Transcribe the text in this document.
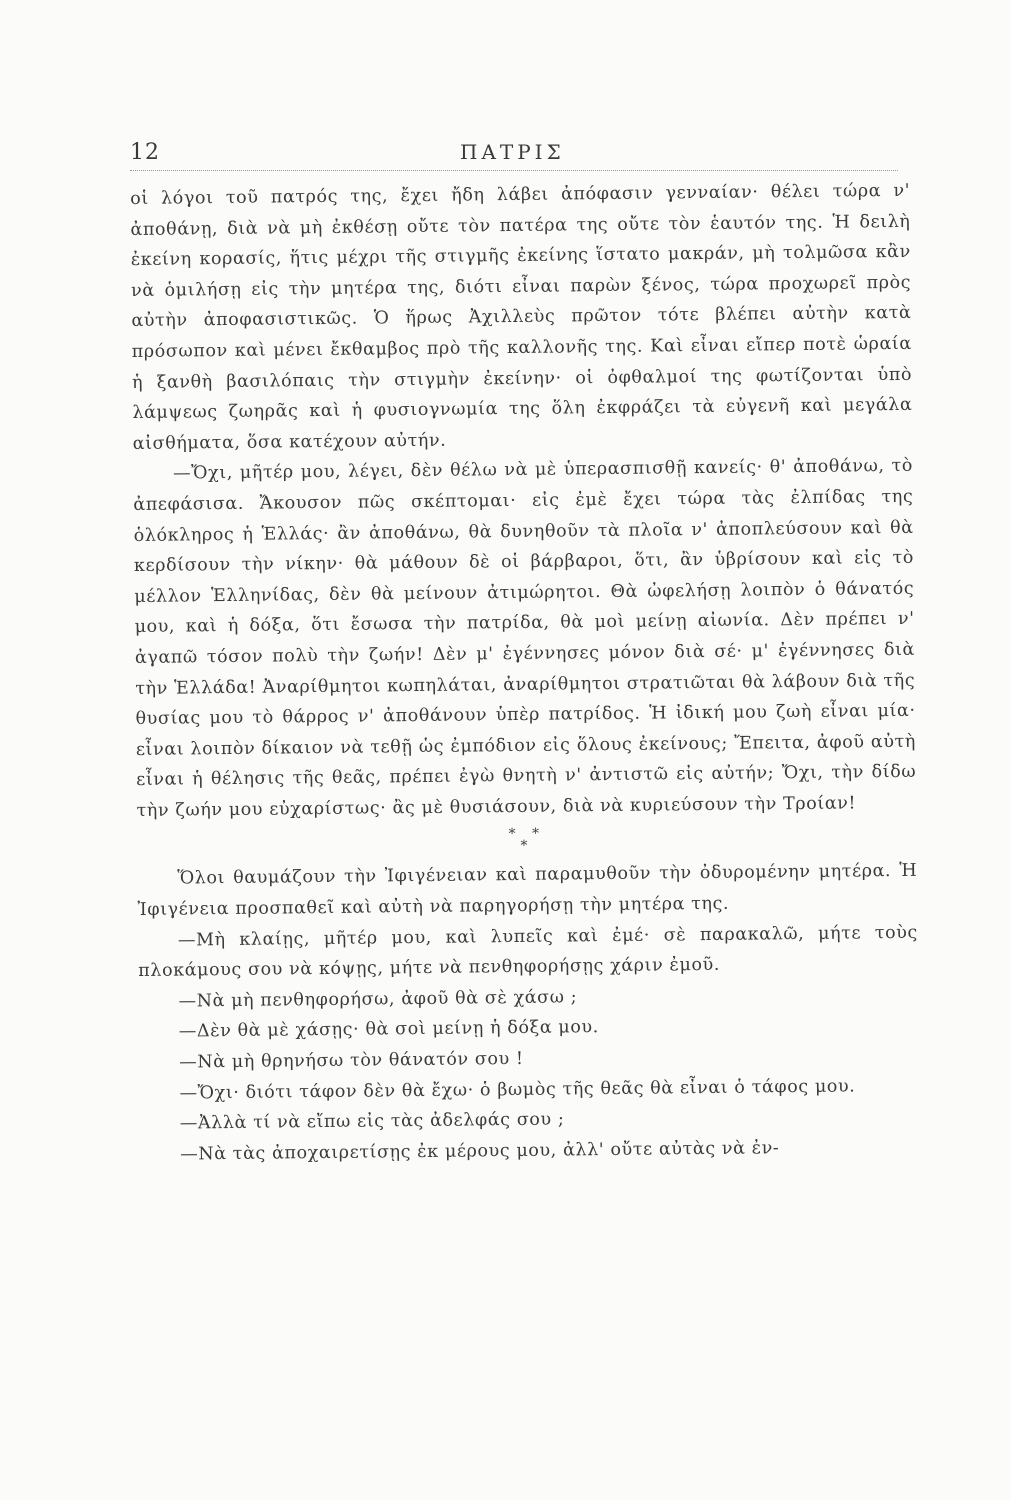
12	ΠΑΤΡΙΣ

οἱ λόγοι τοῦ πατρός της, ἔχει ἤδη λάβει ἀπόφασιν γενναίαν· θέλει τώρα ν' ἀποθάνῃ, διὰ νὰ μὴ ἐκθέσῃ οὔτε τὸν πατέρα της οὔτε τὸν ἑαυτόν της. Ἡ δειλὴ ἐκείνη κορασίς, ἥτις μέχρι τῆς στιγμῆς ἐκείνης ἵστατο μακράν, μὴ τολμῶσα κἂν νὰ ὁμιλήσῃ εἰς τὴν μητέρα της, διότι εἶναι παρὼν ξένος, τώρα προχωρεῖ πρὸς αὐτὴν ἀποφασιστικῶς. Ὁ ἥρως Ἀχιλλεὺς πρῶτον τότε βλέπει αὐτὴν κατὰ πρόσωπον καὶ μένει ἔκθαμβος πρὸ τῆς καλλονῆς της. Καὶ εἶναι εἴπερ ποτὲ ὡραία ἡ ξανθὴ βασιλόπαις τὴν στιγμὴν ἐκείνην· οἱ ὀφθαλμοί της φωτίζονται ὑπὸ λάμψεως ζωηρᾶς καὶ ἡ φυσιογνωμία της ὅλη ἐκφράζει τὰ εὐγενῆ καὶ μεγάλα αἰσθήματα, ὅσα κατέχουν αὐτήν.

—Ὄχι, μῆτέρ μου, λέγει, δὲν θέλω νὰ μὲ ὑπερασπισθῇ κανείς· θ' ἀποθάνω, τὸ ἀπεφάσισα. Ἄκουσον πῶς σκέπτομαι· εἰς ἐμὲ ἔχει τώρα τὰς ἐλπίδας της ὁλόκληρος ἡ Ἑλλάς· ἂν ἀποθάνω, θὰ δυνηθοῦν τὰ πλοῖα ν' ἀποπλεύσουν καὶ θὰ κερδίσουν τὴν νίκην· θὰ μάθουν δὲ οἱ βάρβαροι, ὅτι, ἂν ὑβρίσουν καὶ εἰς τὸ μέλλον Ἑλληνίδας, δὲν θὰ μείνουν ἀτιμώρητοι. Θὰ ὠφελήσῃ λοιπὸν ὁ θάνατός μου, καὶ ἡ δόξα, ὅτι ἔσωσα τὴν πατρίδα, θὰ μοὶ μείνῃ αἰωνία. Δὲν πρέπει ν' ἀγαπῶ τόσον πολὺ τὴν ζωήν! Δὲν μ' ἐγέννησες μόνον διὰ σέ· μ' ἐγέννησες διὰ τὴν Ἑλλάδα! Ἀναρίθμητοι κωπηλάται, ἀναρίθμητοι στρατιῶται θὰ λάβουν διὰ τῆς θυσίας μου τὸ θάρρος ν' ἀποθάνουν ὑπὲρ πατρίδος. Ἡ ἰδική μου ζωὴ εἶναι μία· εἶναι λοιπὸν δίκαιον νὰ τεθῇ ὡς ἐμπόδιον εἰς ὅλους ἐκείνους; Ἔπειτα, ἀφοῦ αὐτὴ εἶναι ἡ θέλησις τῆς θεᾶς, πρέπει ἐγὼ θνητὴ ν' ἀντιστῶ εἰς αὐτήν; Ὄχι, τὴν δίδω τὴν ζωήν μου εὐχαρίστως· ἂς μὲ θυσιάσουν, διὰ νὰ κυριεύσουν τὴν Τροίαν!

* *
*

Ὅλοι θαυμάζουν τὴν Ἰφιγένειαν καὶ παραμυθοῦν τὴν ὀδυρομένην μητέρα. Ἡ Ἰφιγένεια προσπαθεῖ καὶ αὐτὴ νὰ παρηγορήσῃ τὴν μητέρα της.

—Μὴ κλαίῃς, μῆτέρ μου, καὶ λυπεῖς καὶ ἐμέ· σὲ παρακαλῶ, μήτε τοὺς πλοκάμους σου νὰ κόψῃς, μήτε νὰ πενθηφορήσῃς χάριν ἐμοῦ.

—Νὰ μὴ πενθηφορήσω, ἀφοῦ θὰ σὲ χάσω ;

—Δὲν θὰ μὲ χάσῃς· θὰ σοὶ μείνῃ ἡ δόξα μου.

—Νὰ μὴ θρηνήσω τὸν θάνατόν σου !

—Ὄχι· διότι τάφον δὲν θὰ ἔχω· ὁ βωμὸς τῆς θεᾶς θὰ εἶναι ὁ τάφος μου.

—Ἀλλὰ τί νὰ εἴπω εἰς τὰς ἀδελφάς σου ;

—Νὰ τὰς ἀποχαιρετίσῃς ἐκ μέρους μου, ἀλλ' οὔτε αὐτὰς νὰ ἐν-
